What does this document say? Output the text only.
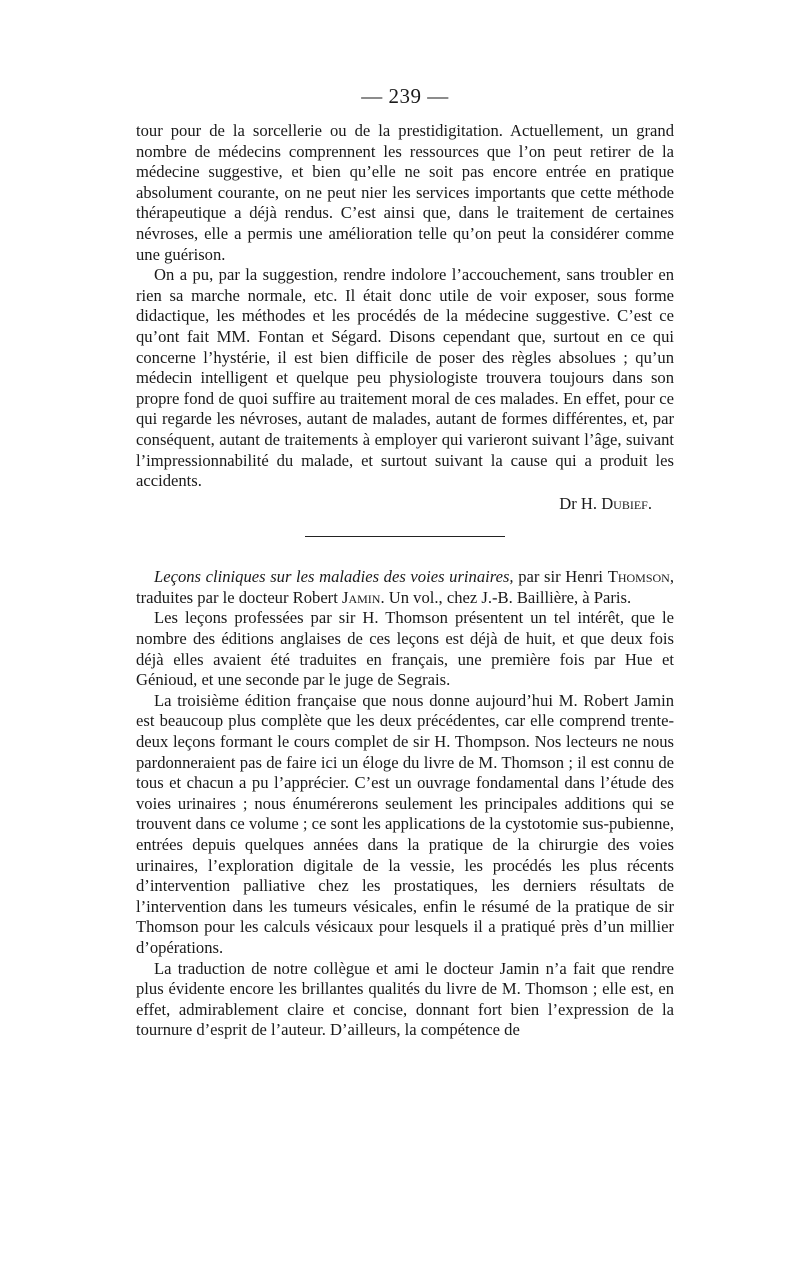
— 239 —

tour pour de la sorcellerie ou de la prestidigitation. Actuellement, un grand nombre de médecins comprennent les ressources que l’on peut retirer de la médecine suggestive, et bien qu’elle ne soit pas encore entrée en pratique absolument courante, on ne peut nier les services importants que cette méthode thérapeutique a déjà rendus. C’est ainsi que, dans le traitement de certaines névroses, elle a permis une amélioration telle qu’on peut la considérer comme une guérison.

On a pu, par la suggestion, rendre indolore l’accouchement, sans troubler en rien sa marche normale, etc. Il était donc utile de voir exposer, sous forme didactique, les méthodes et les procédés de la médecine suggestive. C’est ce qu’ont fait MM. Fontan et Ségard. Disons cependant que, surtout en ce qui concerne l’hystérie, il est bien difficile de poser des règles absolues ; qu’un médecin intelligent et quelque peu physiologiste trouvera toujours dans son propre fond de quoi suffire au traitement moral de ces malades. En effet, pour ce qui regarde les névroses, autant de malades, autant de formes différentes, et, par conséquent, autant de traitements à employer qui varieront suivant l’âge, suivant l’impressionnabilité du malade, et surtout suivant la cause qui a produit les accidents.

Dr H. Dubief.

Leçons cliniques sur les maladies des voies urinaires, par sir Henri Thomson, traduites par le docteur Robert Jamin. Un vol., chez J.-B. Baillière, à Paris.

Les leçons professées par sir H. Thomson présentent un tel intérêt, que le nombre des éditions anglaises de ces leçons est déjà de huit, et que deux fois déjà elles avaient été traduites en français, une première fois par Hue et Génioud, et une seconde par le juge de Segrais.

La troisième édition française que nous donne aujourd’hui M. Robert Jamin est beaucoup plus complète que les deux précédentes, car elle comprend trente-deux leçons formant le cours complet de sir H. Thompson. Nos lecteurs ne nous pardonneraient pas de faire ici un éloge du livre de M. Thomson ; il est connu de tous et chacun a pu l’apprécier. C’est un ouvrage fondamental dans l’étude des voies urinaires ; nous énumérerons seulement les principales additions qui se trouvent dans ce volume ; ce sont les applications de la cystotomie sus-pubienne, entrées depuis quelques années dans la pratique de la chirurgie des voies urinaires, l’exploration digitale de la vessie, les procédés les plus récents d’intervention palliative chez les prostatiques, les derniers résultats de l’intervention dans les tumeurs vésicales, enfin le résumé de la pratique de sir Thomson pour les calculs vésicaux pour lesquels il a pratiqué près d’un millier d’opérations.

La traduction de notre collègue et ami le docteur Jamin n’a fait que rendre plus évidente encore les brillantes qualités du livre de M. Thomson ; elle est, en effet, admirablement claire et concise, donnant fort bien l’expression de la tournure d’esprit de l’auteur. D’ailleurs, la compétence de
